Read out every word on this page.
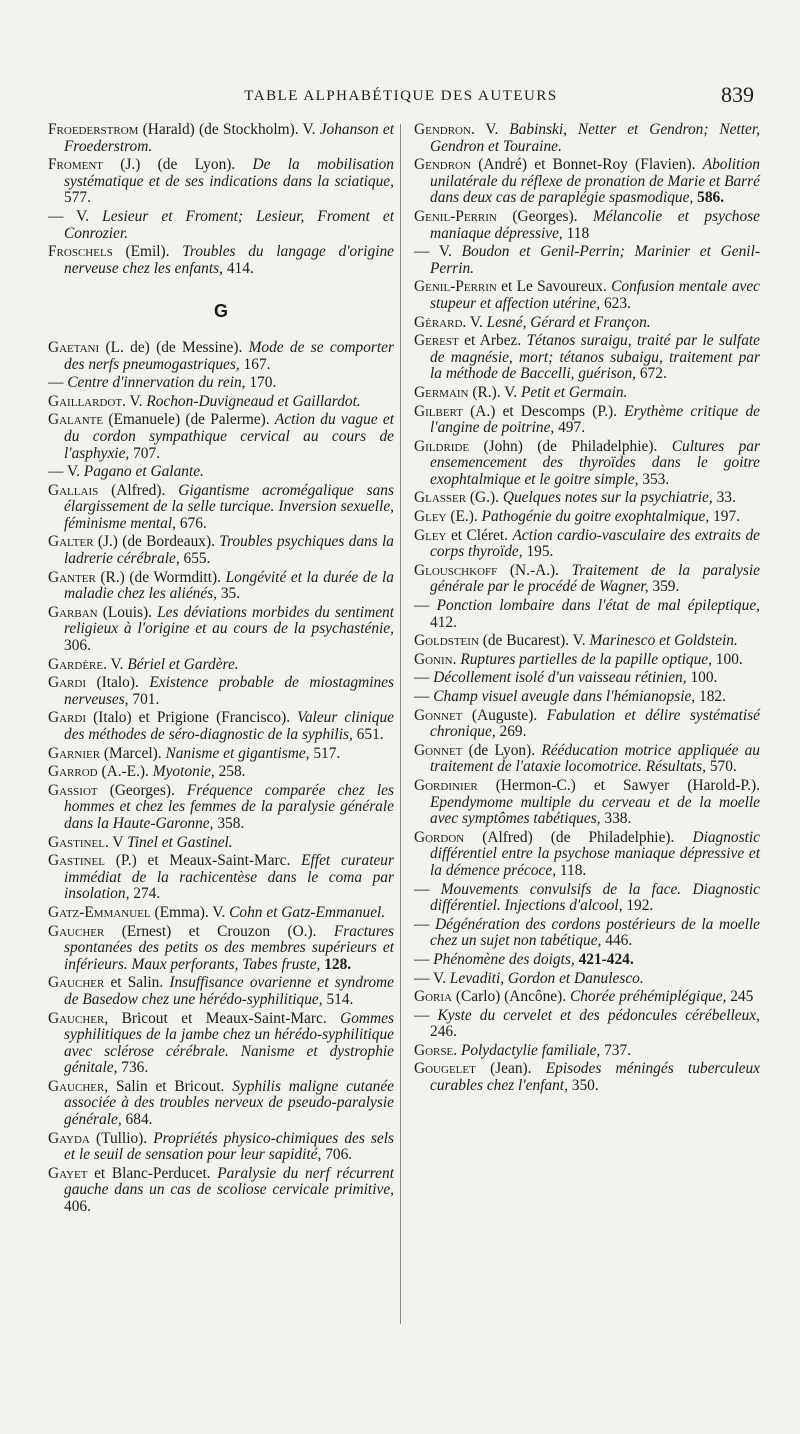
TABLE ALPHABÉTIQUE DES AUTEURS	839

Froederstrom (Harald) (de Stockholm). V. Johanson et Froederstrom.

Froment (J.) (de Lyon). De la mobilisation systématique et de ses indications dans la sciatique, 577.

— V. Lesieur et Froment; Lesieur, Froment et Conrozier.

Froschels (Emil). Troubles du langage d'origine nerveuse chez les enfants, 414.

G

Gaetani (L. de) (de Messine). Mode de se comporter des nerfs pneumogastriques, 167.

— Centre d'innervation du rein, 170.

Gaillardot. V. Rochon-Duvigneaud et Gaillardot.

Galante (Emanuele) (de Palerme). Action du vague et du cordon sympathique cervical au cours de l'asphyxie, 707.

— V. Pagano et Galante.

Gallais (Alfred). Gigantisme acromégalique sans élargissement de la selle turcique. Inversion sexuelle, féminisme mental, 676.

Galter (J.) (de Bordeaux). Troubles psychiques dans la ladrerie cérébrale, 655.

Ganter (R.) (de Wormditt). Longévité et la durée de la maladie chez les aliénés, 35.

Garban (Louis). Les déviations morbides du sentiment religieux à l'origine et au cours de la psychasténie, 306.

Gardère. V. Bériel et Gardère.

Gardi (Italo). Existence probable de miostagmines nerveuses, 701.

Gardi (Italo) et Prigione (Francisco). Valeur clinique des méthodes de séro-diagnostic de la syphilis, 651.

Garnier (Marcel). Nanisme et gigantisme, 517.

Garrod (A.-E.). Myotonie, 258.

Gassiot (Georges). Fréquence comparée chez les hommes et chez les femmes de la paralysie générale dans la Haute-Garonne, 358.

Gastinel. V Tinel et Gastinel.

Gastinel (P.) et Meaux-Saint-Marc. Effet curateur immédiat de la rachicentèse dans le coma par insolation, 274.

Gatz-Emmanuel (Emma). V. Cohn et Gatz-Emmanuel.

Gaucher (Ernest) et Crouzon (O.). Fractures spontanées des petits os des membres supérieurs et inférieurs. Maux perforants, Tabes fruste, 128.

Gaucher et Salin. Insuffisance ovarienne et syndrome de Basedow chez une hérédo-syphilitique, 514.

Gaucher, Bricout et Meaux-Saint-Marc. Gommes syphilitiques de la jambe chez un hérédo-syphilitique avec sclérose cérébrale. Nanisme et dystrophie génitale, 736.

Gaucher, Salin et Bricout. Syphilis maligne cutanée associée à des troubles nerveux de pseudo-paralysie générale, 684.

Gayda (Tullio). Propriétés physico-chimiques des sels et le seuil de sensation pour leur sapidité, 706.

Gayet et Blanc-Perducet. Paralysie du nerf récurrent gauche dans un cas de scoliose cervicale primitive, 406.

Gendron. V. Babinski, Netter et Gendron; Netter, Gendron et Touraine.

Gendron (André) et Bonnet-Roy (Flavien). Abolition unilatérale du réflexe de pronation de Marie et Barré dans deux cas de paraplégie spasmodique, 586.

Genil-Perrin (Georges). Mélancolie et psychose maniaque dépressive, 118

— V. Boudon et Genil-Perrin; Marinier et Genil-Perrin.

Genil-Perrin et Le Savoureux. Confusion mentale avec stupeur et affection utérine, 623.

Gérard. V. Lesné, Gérard et Françon.

Gerest et Arbez. Tétanos suraigu, traité par le sulfate de magnésie, mort; tétanos subaigu, traitement par la méthode de Baccelli, guérison, 672.

Germain (R.). V. Petit et Germain.

Gilbert (A.) et Descomps (P.). Erythème critique de l'angine de poitrine, 497.

Gildride (John) (de Philadelphie). Cultures par ensemencement des thyroïdes dans le goitre exophtalmique et le goitre simple, 353.

Glasser (G.). Quelques notes sur la psychiatrie, 33.

Gley (E.). Pathogénie du goitre exophtalmique, 197.

Gley et Cléret. Action cardio-vasculaire des extraits de corps thyroïde, 195.

Glouschkoff (N.-A.). Traitement de la paralysie générale par le procédé de Wagner, 359.

— Ponction lombaire dans l'état de mal épileptique, 412.

Goldstein (de Bucarest). V. Marinesco et Goldstein.

Gonin. Ruptures partielles de la papille optique, 100.

— Décollement isolé d'un vaisseau rétinien, 100.

— Champ visuel aveugle dans l'hémianopsie, 182.

Gonnet (Auguste). Fabulation et délire systématisé chronique, 269.

Gonnet (de Lyon). Rééducation motrice appliquée au traitement de l'ataxie locomotrice. Résultats, 570.

Gordinier (Hermon-C.) et Sawyer (Harold-P.). Ependymome multiple du cerveau et de la moelle avec symptômes tabétiques, 338.

Gordon (Alfred) (de Philadelphie). Diagnostic différentiel entre la psychose maniaque dépressive et la démence précoce, 118.

— Mouvements convulsifs de la face. Diagnostic différentiel. Injections d'alcool, 192.

— Dégénération des cordons postérieurs de la moelle chez un sujet non tabétique, 446.

— Phénomène des doigts, 421-424.

— V. Levaditi, Gordon et Danulesco.

Goria (Carlo) (Ancône). Chorée préhémiplégique, 245

— Kyste du cervelet et des pédoncules cérébelleux, 246.

Gorse. Polydactylie familiale, 737.

Gougelet (Jean). Episodes méningés tuberculeux curables chez l'enfant, 350.
